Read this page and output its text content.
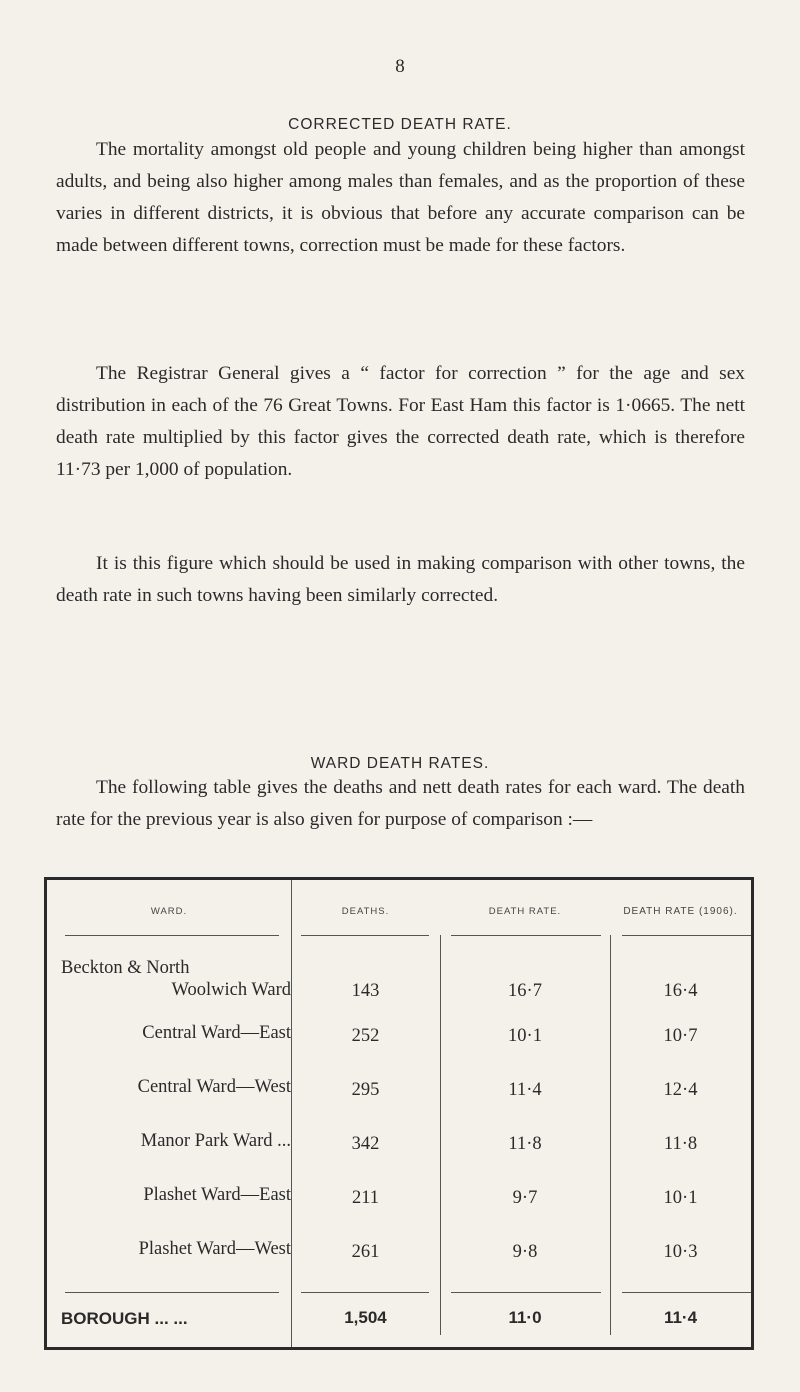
8
CORRECTED DEATH RATE.

The mortality amongst old people and young children being higher than amongst adults, and being also higher among males than females, and as the proportion of these varies in different districts, it is obvious that before any accurate comparison can be made between different towns, correction must be made for these factors.

The Registrar General gives a “ factor for correction ” for the age and sex distribution in each of the 76 Great Towns. For East Ham this factor is 1·0665. The nett death rate multiplied by this factor gives the corrected death rate, which is therefore 11·73 per 1,000 of population.

It is this figure which should be used in making comparison with other towns, the death rate in such towns having been similarly corrected.

WARD DEATH RATES.

The following table gives the deaths and nett death rates for each ward. The death rate for the previous year is also given for purpose of comparison :—

WARD.	DEATHS.	DEATH RATE.	DEATH RATE (1906).
Beckton & North
Woolwich Ward	143	16·7	16·4
Central Ward—East	252	10·1	10·7
Central Ward—West	295	11·4	12·4
Manor Park Ward ...	342	11·8	11·8
Plashet Ward—East	211	9·7	10·1
Plashet Ward—West	261	9·8	10·3
BOROUGH ... ...	1,504	11·0	11·4
